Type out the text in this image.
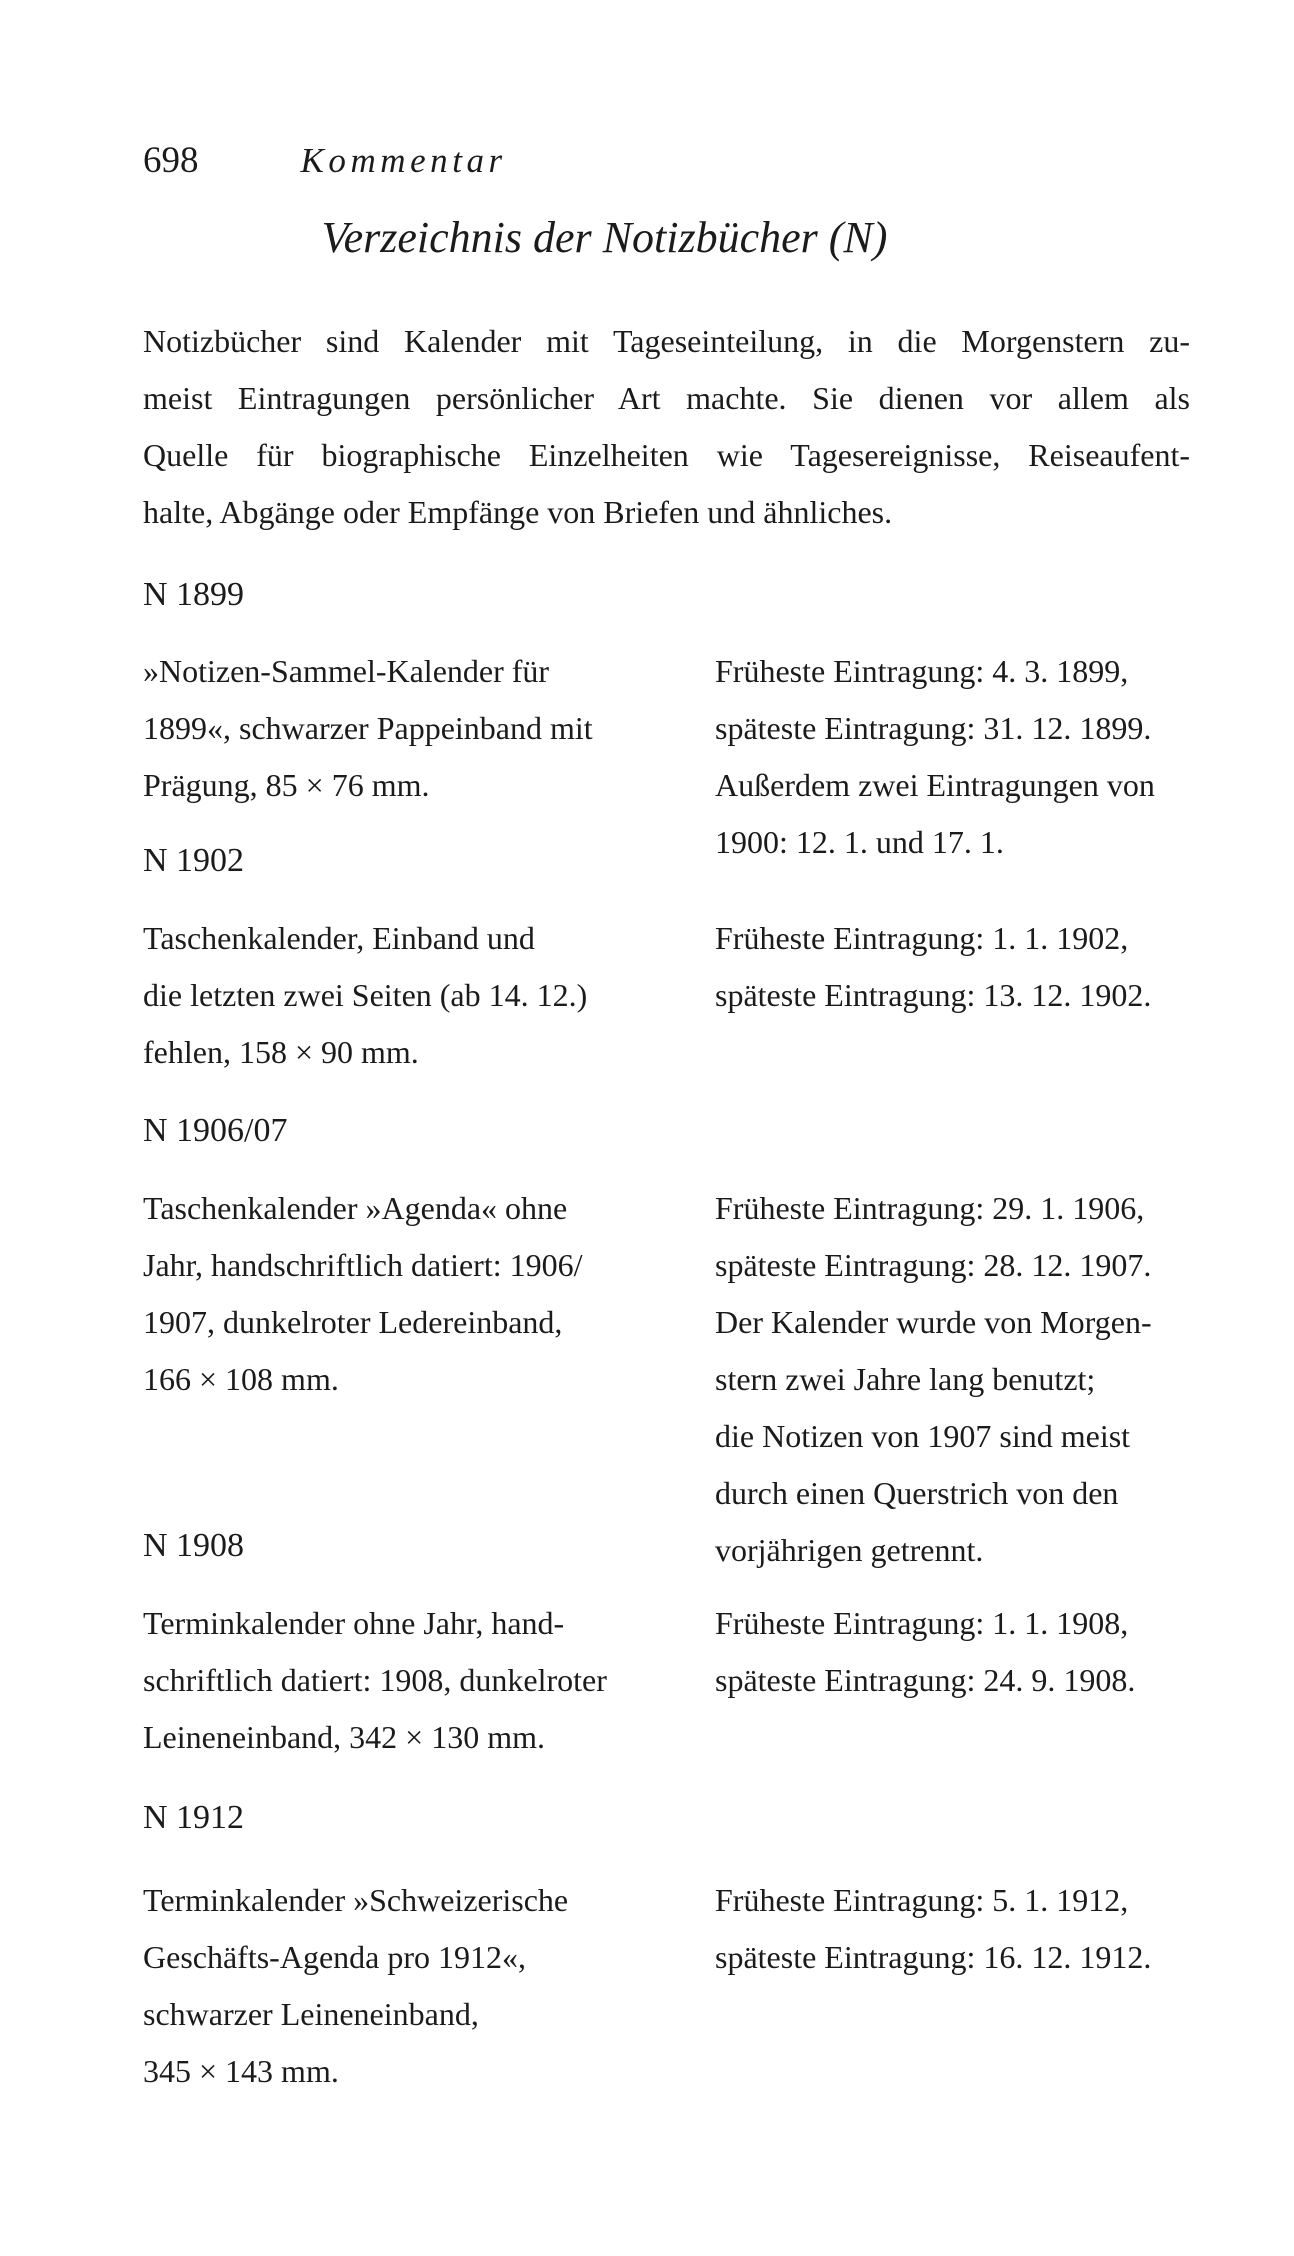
698	Kommentar
Verzeichnis der Notizbücher (N)
Notizbücher sind Kalender mit Tageseinteilung, in die Morgenstern zu-
meist Eintragungen persönlicher Art machte. Sie dienen vor allem als
Quelle für biographische Einzelheiten wie Tagesereignisse, Reiseaufent-
halte, Abgänge oder Empfänge von Briefen und ähnliches.
N 1899
»Notizen-Sammel-Kalender für
1899«, schwarzer Pappeinband mit
Prägung, 85 × 76 mm.
Früheste Eintragung: 4. 3. 1899,
späteste Eintragung: 31. 12. 1899.
Außerdem zwei Eintragungen von
1900: 12. 1. und 17. 1.
N 1902
Taschenkalender, Einband und
die letzten zwei Seiten (ab 14. 12.)
fehlen, 158 × 90 mm.
Früheste Eintragung: 1. 1. 1902,
späteste Eintragung: 13. 12. 1902.
N 1906/07
Taschenkalender »Agenda« ohne
Jahr, handschriftlich datiert: 1906/
1907, dunkelroter Ledereinband,
166 × 108 mm.
Früheste Eintragung: 29. 1. 1906,
späteste Eintragung: 28. 12. 1907.
Der Kalender wurde von Morgen-
stern zwei Jahre lang benutzt;
die Notizen von 1907 sind meist
durch einen Querstrich von den
vorjährigen getrennt.
N 1908
Terminkalender ohne Jahr, hand-
schriftlich datiert: 1908, dunkelroter
Leineneinband, 342 × 130 mm.
Früheste Eintragung: 1. 1. 1908,
späteste Eintragung: 24. 9. 1908.
N 1912
Terminkalender »Schweizerische
Geschäfts-Agenda pro 1912«,
schwarzer Leineneinband,
345 × 143 mm.
Früheste Eintragung: 5. 1. 1912,
späteste Eintragung: 16. 12. 1912.
